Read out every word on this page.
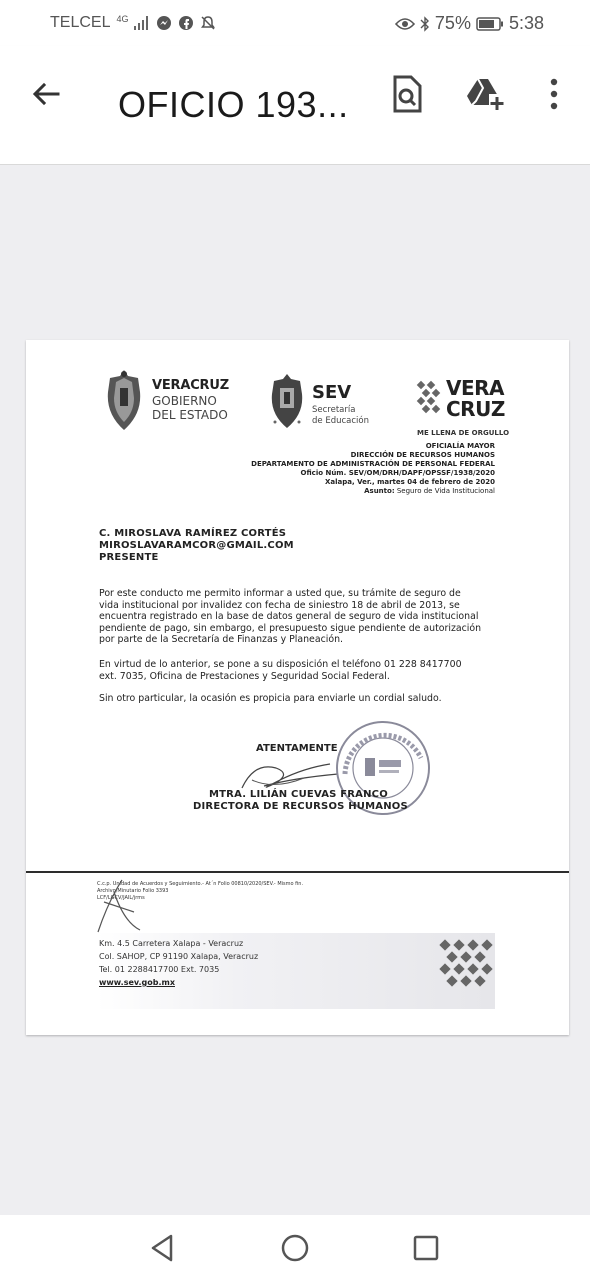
TELCEL 4G	75% 5:38
OFICIO 193...
VERACRUZ
GOBIERNO
DEL ESTADO
SEV
Secretaría
de Educación
VERA
CRUZ
ME LLENA DE ORGULLO
OFICIALÍA MAYOR
DIRECCIÓN DE RECURSOS HUMANOS
DEPARTAMENTO DE ADMINISTRACIÓN DE PERSONAL FEDERAL
Oficio Núm. SEV/OM/DRH/DAPF/OPSSF/1938/2020
Xalapa, Ver., martes 04 de febrero de 2020
Asunto: Seguro de Vida Institucional
C. MIROSLAVA RAMÍREZ CORTÉS
MIROSLAVARAMCOR@GMAIL.COM
PRESENTE
Por este conducto me permito informar a usted que, su trámite de seguro de
vida institucional por invalidez con fecha de siniestro 18 de abril de 2013, se
encuentra registrado en la base de datos general de seguro de vida institucional
pendiente de pago, sin embargo, el presupuesto sigue pendiente de autorización
por parte de la Secretaría de Finanzas y Planeación.
En virtud de lo anterior, se pone a su disposición el teléfono 01 228 8417700
ext. 7035, Oficina de Prestaciones y Seguridad Social Federal.
Sin otro particular, la ocasión es propicia para enviarle un cordial saludo.
ATENTAMENTE
MTRA. LILIÁN CUEVAS FRANCO
DIRECTORA DE RECURSOS HUMANOS
C.c.p. Unidad de Acuerdos y Seguimiento.- At´n Folio 00810/2020/SEV.- Mismo fin.
Archivo/Minutario Folio 3393
LCF/LGCV/JAIL/jrms
Km. 4.5 Carretera Xalapa - Veracruz
Col. SAHOP, CP 91190 Xalapa, Veracruz
Tel. 01 2288417700 Ext. 7035
www.sev.gob.mx
